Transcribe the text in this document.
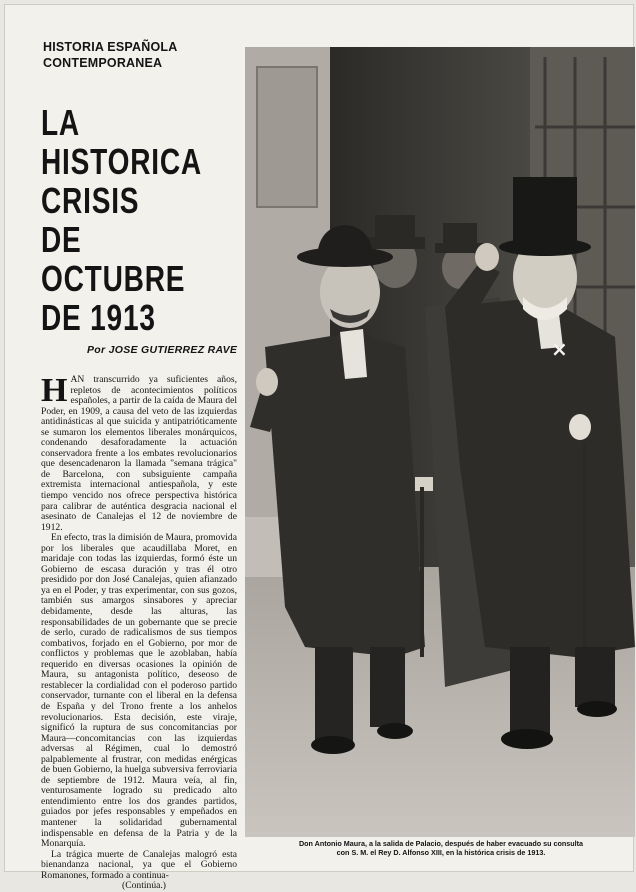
HISTORIA ESPAÑOLA
CONTEMPORANEA
LA
HISTORICA
CRISIS
DE
OCTUBRE
DE 1913
Por JOSE GUTIERREZ RAVE

HAN transcurrido ya suficientes años, repletos de acontecimientos políticos españoles, a partir de la caída de Maura del Poder, en 1909, a causa del veto de las izquierdas antidinásticas al que suicida y antipatrióticamente se sumaron los elementos liberales monárquicos, condenando desaforadamente la actuación conservadora frente a los embates revolucionarios que desencadenaron la llamada "semana trágica" de Barcelona, con subsiguiente campaña extremista internacional antiespañola, y este tiempo vencido nos ofrece perspectiva histórica para calibrar de auténtica desgracia nacional el asesinato de Canalejas el 12 de noviembre de 1912.

En efecto, tras la dimisión de Maura, promovida por los liberales que acaudillaba Moret, en maridaje con todas las izquierdas, formó éste un Gobierno de escasa duración y tras él otro presidido por don José Canalejas, quien afianzado ya en el Poder, y tras experimentar, con sus gozos, también sus amargos sinsabores y apreciar debidamente, desde las alturas, las responsabilidades de un gobernante que se precie de serlo, curado de radicalismos de sus tiempos combativos, forjado en el Gobierno, por mor de conflictos y problemas que le azoblaban, había requerido en diversas ocasiones la opinión de Maura, su antagonista político, deseoso de restablecer la cordialidad con el poderoso partido conservador, turnante con el liberal en la defensa de España y del Trono frente a los anhelos revolucionarios. Esta decisión, este viraje, significó la ruptura de sus concomitancias por Maura—concomitancias con las izquierdas adversas al Régimen, cual lo demostró palpablemente al frustrar, con medidas enérgicas de buen Gobierno, la huelga subversiva ferroviaria de septiembre de 1912. Maura veía, al fin, venturosamente logrado su predicado alto entendimiento entre los dos grandes partidos, guiados por jefes responsables y empeñados en mantener la solidaridad gubernamental indispensable en defensa de la Patria y de la Monarquía.

La trágica muerte de Canalejas malogró esta bienandanza nacional, ya que el Gobierno Romanones, formado a continua-

(Continúa.)

×
Don Antonio Maura, a la salida de Palacio, después de haber evacuado su consulta
con S. M. el Rey D. Alfonso XIII, en la histórica crisis de 1913.
